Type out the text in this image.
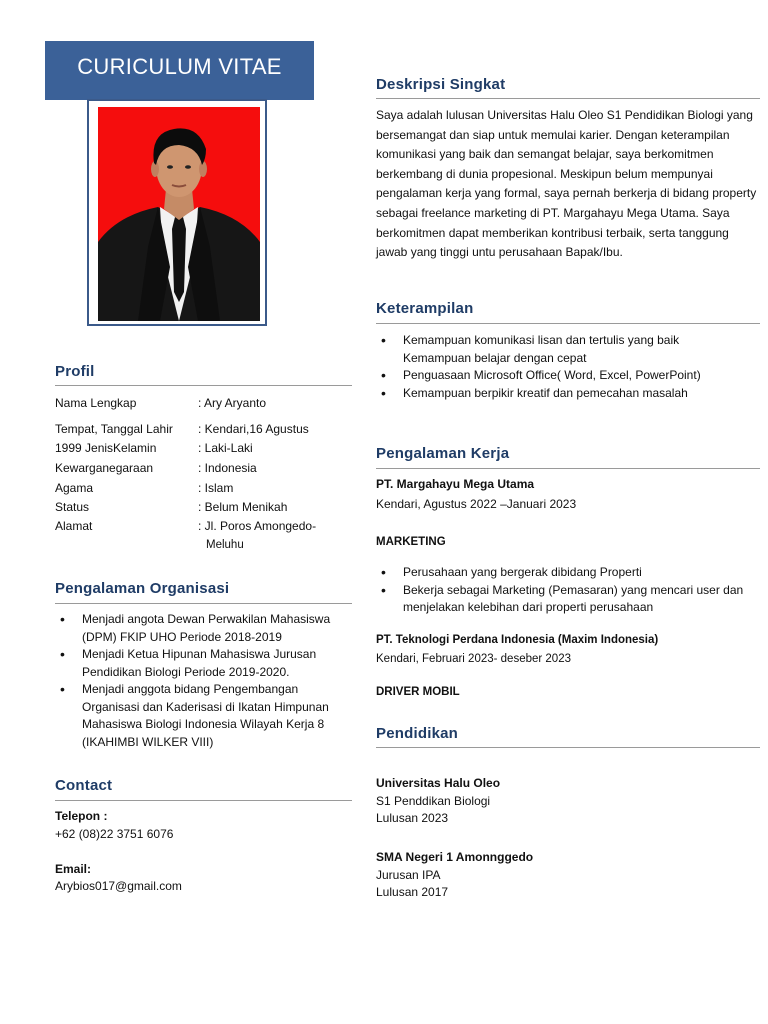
CURICULUM VITAE
Profil
Nama Lengkap	: Ary Aryanto
Tempat, Tanggal Lahir : Kendari,16 Agustus
1999 JenisKelamin	: Laki-Laki
Kewarganegaraan	: Indonesia
Agama	: Islam
Status	: Belum Menikah
Alamat	: Jl. Poros Amongedo-
Meluhu
Pengalaman Organisasi
• Menjadi angota Dewan Perwakilan Mahasiswa (DPM) FKIP UHO Periode 2018-2019
• Menjadi Ketua Hipunan Mahasiswa Jurusan Pendidikan Biologi Periode 2019-2020.
• Menjadi anggota bidang Pengembangan Organisasi dan Kaderisasi di Ikatan Himpunan Mahasiswa Biologi Indonesia Wilayah Kerja 8 (IKAHIMBI WILKER VIII)
Contact
Telepon :
+62 (08)22 3751 6076
Email:
Arybios017@gmail.com
Deskripsi Singkat
Saya adalah lulusan Universitas Halu Oleo S1 Pendidikan Biologi yang bersemangat dan siap untuk memulai karier. Dengan keterampilan komunikasi yang baik dan semangat belajar, saya berkomitmen berkembang di dunia propesional. Meskipun belum mempunyai pengalaman kerja yang formal, saya pernah berkerja di bidang property sebagai freelance marketing di PT. Margahayu Mega Utama. Saya berkomitmen dapat memberikan kontribusi terbaik, serta tanggung jawab yang tinggi untu perusahaan Bapak/Ibu.
Keterampilan
• Kemampuan komunikasi lisan dan tertulis yang baik Kemampuan belajar dengan cepat
• Penguasaan Microsoft Office( Word, Excel, PowerPoint)
• Kemampuan berpikir kreatif dan pemecahan masalah
Pengalaman Kerja
PT. Margahayu Mega Utama
Kendari, Agustus 2022 –Januari 2023
MARKETING
• Perusahaan yang bergerak dibidang Properti
• Bekerja sebagai Marketing (Pemasaran) yang mencari user dan menjelakan kelebihan dari properti perusahaan
PT. Teknologi Perdana Indonesia (Maxim Indonesia)
Kendari, Februari 2023- deseber 2023
DRIVER MOBIL
Pendidikan
Universitas Halu Oleo
S1 Penddikan Biologi
Lulusan 2023
SMA Negeri 1 Amonnggedo
Jurusan IPA
Lulusan 2017
